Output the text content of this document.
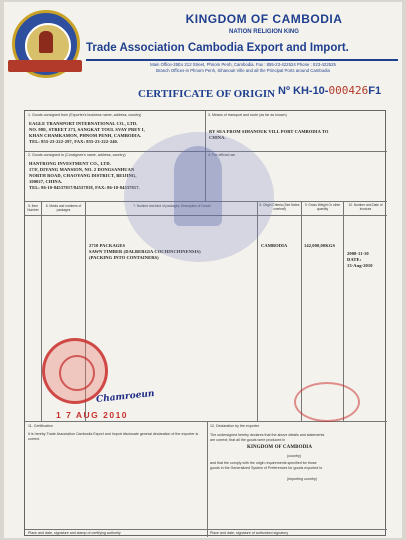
KINGDOM OF CAMBODIA
NATION RELIGION KING
Trade Association Cambodia Export and Import.
Main Office-25Eo 212 Street, Phnom Penh, Cambodia. Fax : 855-23-422524 Phone : 023-422525
Branch Offices-in Phnom Penh, Sihanouk Ville and all the Principal Ports around Cambodia
CERTIFICATE OF ORIGIN Nº KH-10-000426F1
1. Goods consigned from (Exporter's business name, address, country)
EAGLE TRANSPORT INTERNATIONAL CO., LTD.
NO. 98E, STREET 273, SANGKAT TOUL SVAY PREY I,
KHAN CHAMKAMON, PHNOM PENH, CAMBODIA.
TEL: 855-23-222-297, FAX: 855-23-222-240.
3. Means of transport and route (as far as known)
BY SEA FROM SIHANOUK VILL PORT CAMBODIA TO
CHINA.
2. Goods consigned to (Consignee's name, address, country)
HANTRONG INVESTMENT CO., LTD.
17/F, DIYANG MANSION, NO. 2 DONGSANHUAN
NORTH ROAD, CHAOYANG DISTRICT, BEIJING,
100027, CHINA.
TEL: 86-10-84537817/84537818, FAX: 86-10-84537817.
4. For official use
5. Item Number
6. Marks and numbers of packages
7. Number and kind of packages; Description of Goods	8. Origin Criteria (See Notes overleaf)
9. Gross Weight Or other quantity
10. Number and Date of invoices
2710 PACKAGES
SAWN TIMBER (DALBERGIA COCHINCHINENSIS)
(PACKING INTO CONTAINERS)
CAMBODIA	142,000,00KGS
2008-11-10
DATE:
13-Aug-2010
11. Certification
It is hereby Trade Association Cambodia Export and Import disclosate general declaration of the exporter is correct.
Place and date, signature and stamp of certifying authority
12. Declaration by the exporter
The undersigned hereby declares that the above details and statements
are correct; that all the goods were produced in
KINGDOM OF CAMBODIA
(country)
and that the comply with the origin requirements specified for those
goods in the Generalized System of Preferences for goods exported to
(importing country)
Place and date, signature of authorized signatory
Chamroeun
1 7 AUG 2010
